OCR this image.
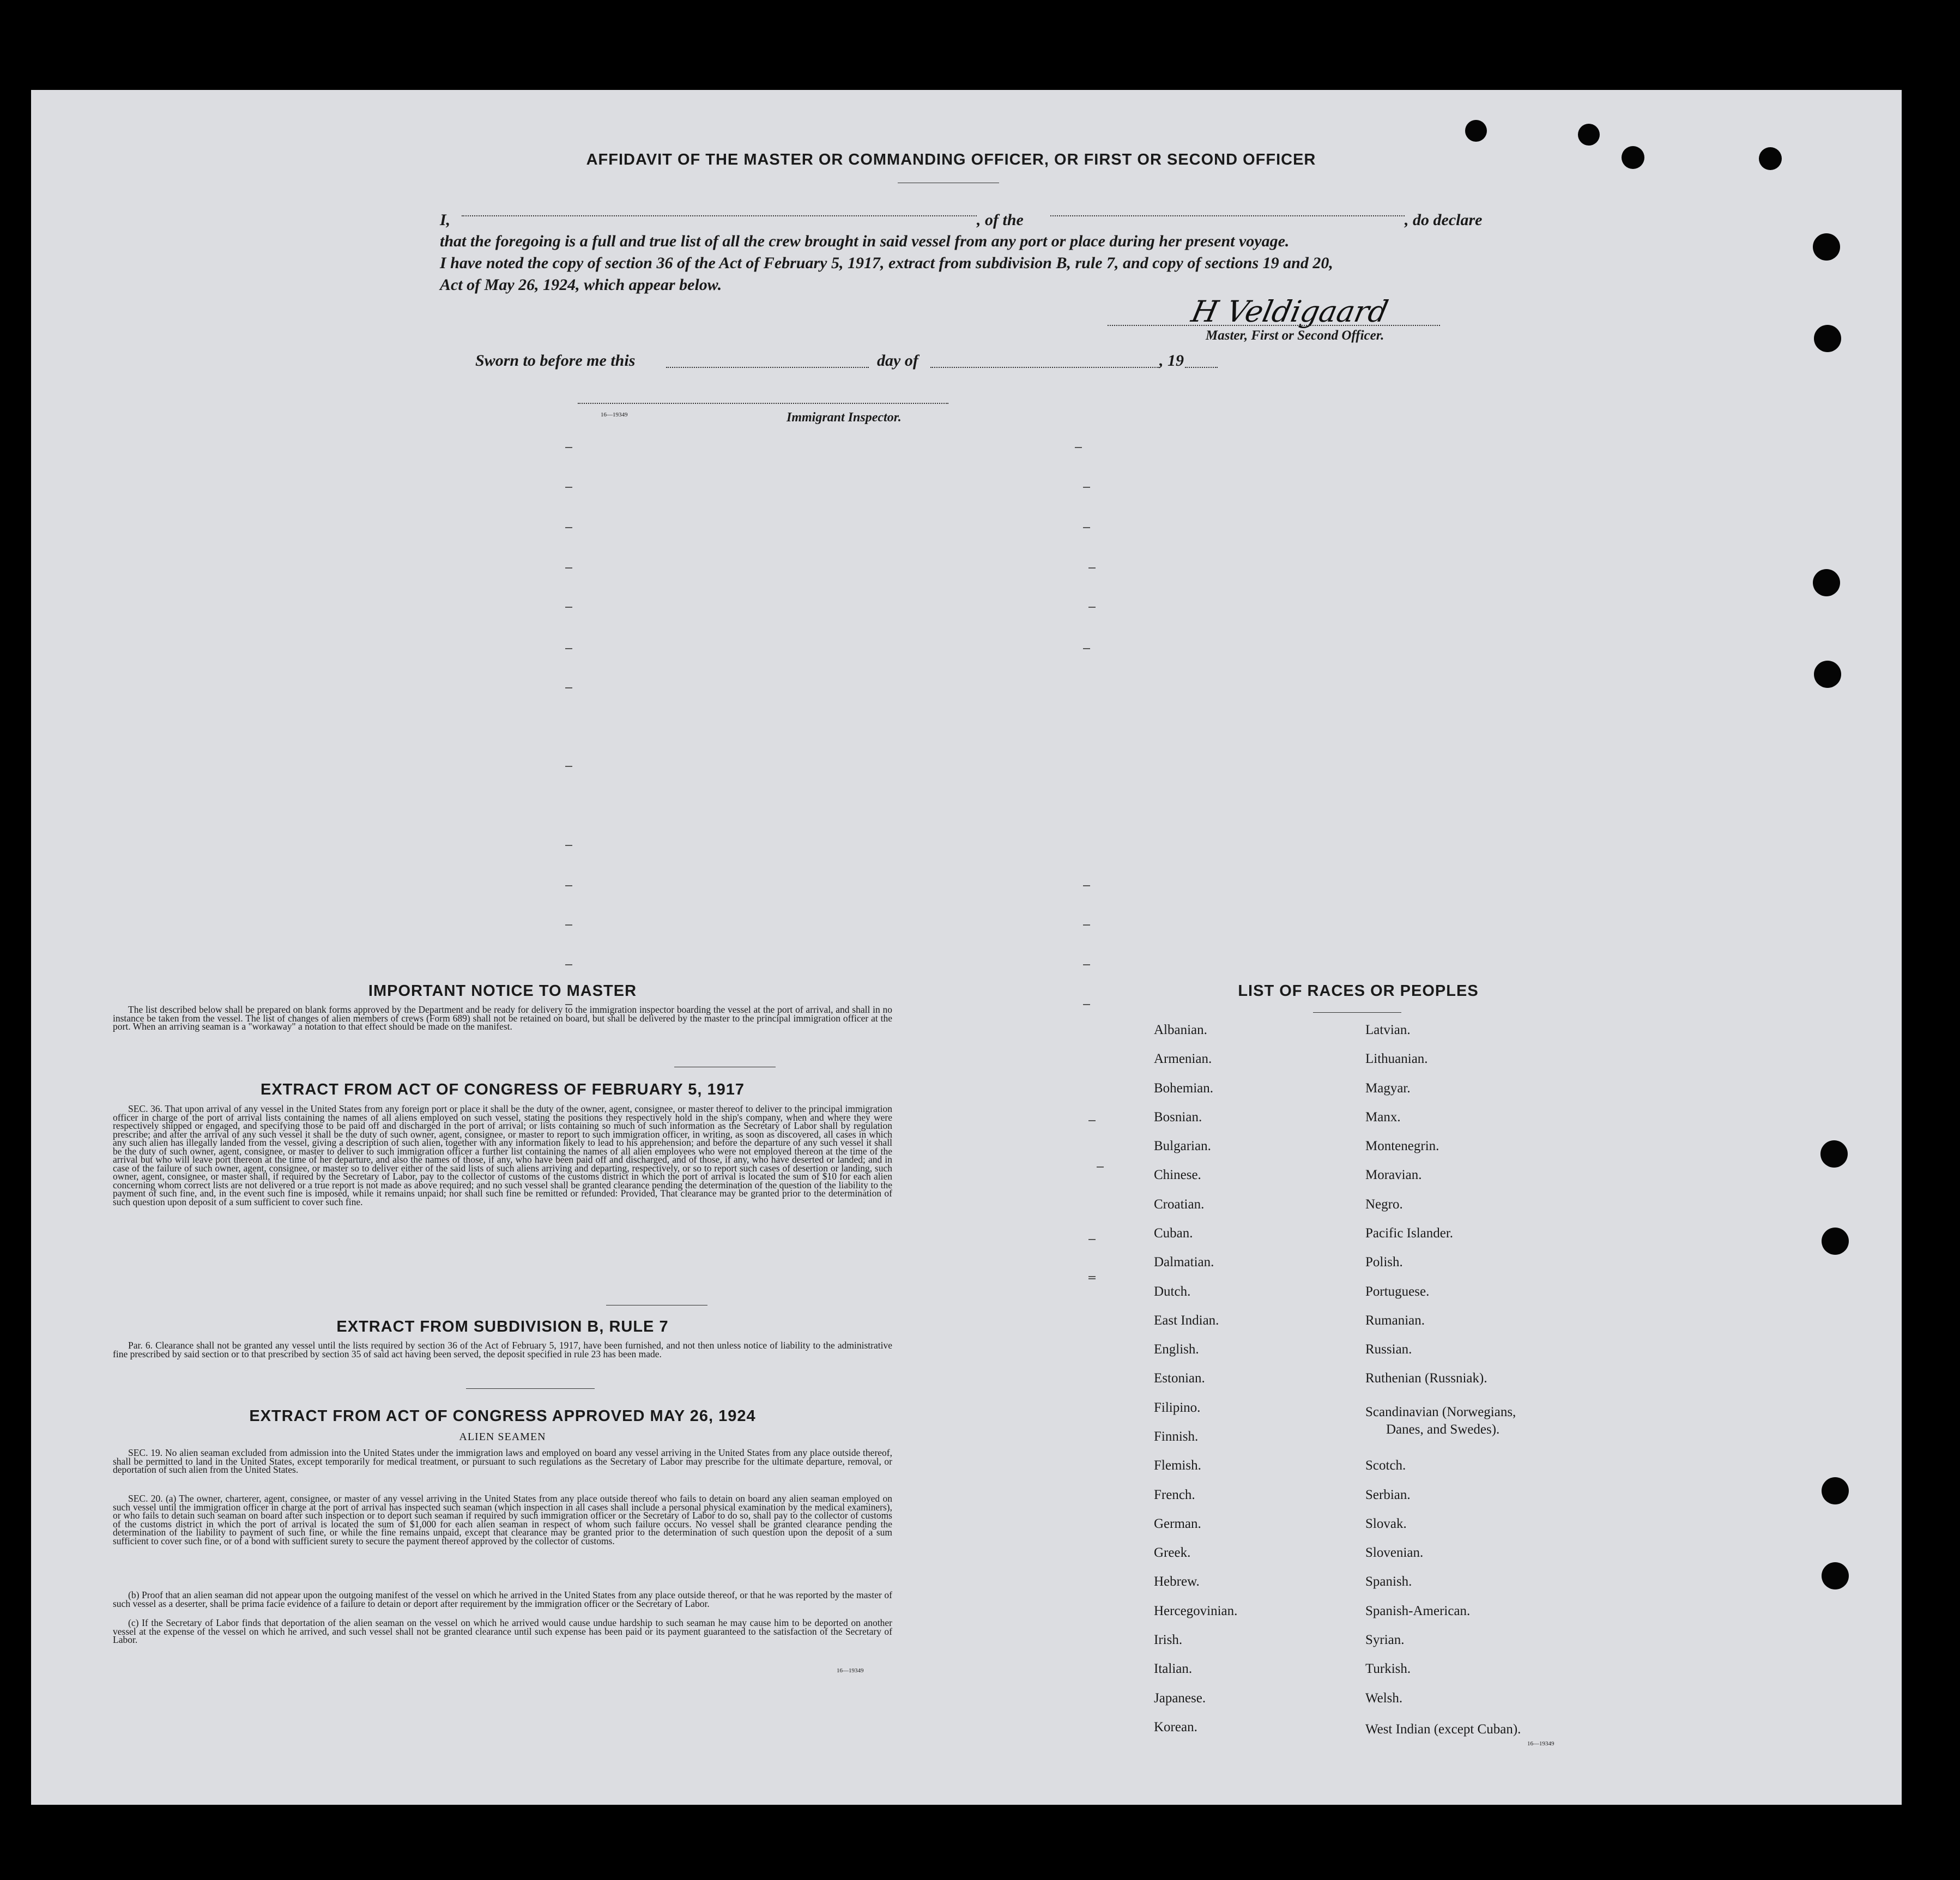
AFFIDAVIT OF THE MASTER OR COMMANDING OFFICER, OR FIRST OR SECOND OFFICER
I,	, of the	, do declare
that the foregoing is a full and true list of all the crew brought in said vessel from any port or place during her present voyage.
I have noted the copy of section 36 of the Act of February 5, 1917, extract from subdivision B, rule 7, and copy of sections 19 and 20,
Act of May 26, 1924, which appear below.
H Veldigaard
Master, First or Second Officer.
Sworn to before me this	day of	, 19
16—19349	Immigrant Inspector.
IMPORTANT NOTICE TO MASTER
The list described below shall be prepared on blank forms approved by the Department and be ready for delivery to the immigration inspector boarding the vessel at the port of arrival, and shall in no instance be taken from the vessel. The list of changes of alien members of crews (Form 689) shall not be retained on board, but shall be delivered by the master to the principal immigration officer at the port. When an arriving seaman is a "workaway" a notation to that effect should be made on the manifest.
EXTRACT FROM ACT OF CONGRESS OF FEBRUARY 5, 1917
SEC. 36. That upon arrival of any vessel in the United States from any foreign port or place it shall be the duty of the owner, agent, consignee, or master thereof to deliver to the principal immigration officer in charge of the port of arrival lists containing the names of all aliens employed on such vessel, stating the positions they respectively hold in the ship's company, when and where they were respectively shipped or engaged, and specifying those to be paid off and discharged in the port of arrival; or lists containing so much of such information as the Secretary of Labor shall by regulation prescribe; and after the arrival of any such vessel it shall be the duty of such owner, agent, consignee, or master to report to such immigration officer, in writing, as soon as discovered, all cases in which any such alien has illegally landed from the vessel, giving a description of such alien, together with any information likely to lead to his apprehension; and before the departure of any such vessel it shall be the duty of such owner, agent, consignee, or master to deliver to such immigration officer a further list containing the names of all alien employees who were not employed thereon at the time of the arrival but who will leave port thereon at the time of her departure, and also the names of those, if any, who have been paid off and discharged, and of those, if any, who have deserted or landed; and in case of the failure of such owner, agent, consignee, or master so to deliver either of the said lists of such aliens arriving and departing, respectively, or so to report such cases of desertion or landing, such owner, agent, consignee, or master shall, if required by the Secretary of Labor, pay to the collector of customs of the customs district in which the port of arrival is located the sum of $10 for each alien concerning whom correct lists are not delivered or a true report is not made as above required; and no such vessel shall be granted clearance pending the determination of the question of the liability to the payment of such fine, and, in the event such fine is imposed, while it remains unpaid; nor shall such fine be remitted or refunded: Provided, That clearance may be granted prior to the determination of such question upon deposit of a sum sufficient to cover such fine.
EXTRACT FROM SUBDIVISION B, RULE 7
Par. 6. Clearance shall not be granted any vessel until the lists required by section 36 of the Act of February 5, 1917, have been furnished, and not then unless notice of liability to the administrative fine prescribed by said section or to that prescribed by section 35 of said act having been served, the deposit specified in rule 23 has been made.
EXTRACT FROM ACT OF CONGRESS APPROVED MAY 26, 1924
ALIEN SEAMEN
SEC. 19. No alien seaman excluded from admission into the United States under the immigration laws and employed on board any vessel arriving in the United States from any place outside thereof, shall be permitted to land in the United States, except temporarily for medical treatment, or pursuant to such regulations as the Secretary of Labor may prescribe for the ultimate departure, removal, or deportation of such alien from the United States.
SEC. 20. (a) The owner, charterer, agent, consignee, or master of any vessel arriving in the United States from any place outside thereof who fails to detain on board any alien seaman employed on such vessel until the immigration officer in charge at the port of arrival has inspected such seaman (which inspection in all cases shall include a personal physical examination by the medical examiners), or who fails to detain such seaman on board after such inspection or to deport such seaman if required by such immigration officer or the Secretary of Labor to do so, shall pay to the collector of customs of the customs district in which the port of arrival is located the sum of $1,000 for each alien seaman in respect of whom such failure occurs. No vessel shall be granted clearance pending the determination of the liability to payment of such fine, or while the fine remains unpaid, except that clearance may be granted prior to the determination of such question upon the deposit of a sum sufficient to cover such fine, or of a bond with sufficient surety to secure the payment thereof approved by the collector of customs.
(b) Proof that an alien seaman did not appear upon the outgoing manifest of the vessel on which he arrived in the United States from any place outside thereof, or that he was reported by the master of such vessel as a deserter, shall be prima facie evidence of a failure to detain or deport after requirement by the immigration officer or the Secretary of Labor.
(c) If the Secretary of Labor finds that deportation of the alien seaman on the vessel on which he arrived would cause undue hardship to such seaman he may cause him to be deported on another vessel at the expense of the vessel on which he arrived, and such vessel shall not be granted clearance until such expense has been paid or its payment guaranteed to the satisfaction of the Secretary of Labor.
16—19349
LIST OF RACES OR PEOPLES
Albanian.
Armenian.
Bohemian.
Bosnian.
Bulgarian.
Chinese.
Croatian.
Cuban.
Dalmatian.
Dutch.
East Indian.
English.
Estonian.
Filipino.
Finnish.
Flemish.
French.
German.
Greek.
Hebrew.
Hercegovinian.
Irish.
Italian.
Japanese.
Korean.
Latvian.
Lithuanian.
Magyar.
Manx.
Montenegrin.
Moravian.
Negro.
Pacific Islander.
Polish.
Portuguese.
Rumanian.
Russian.
Ruthenian (Russniak).
Scandinavian (Norwegians,
Danes, and Swedes).
Scotch.
Serbian.
Slovak.
Slovenian.
Spanish.
Spanish-American.
Syrian.
Turkish.
Welsh.
West Indian (except Cuban).
16—19349
